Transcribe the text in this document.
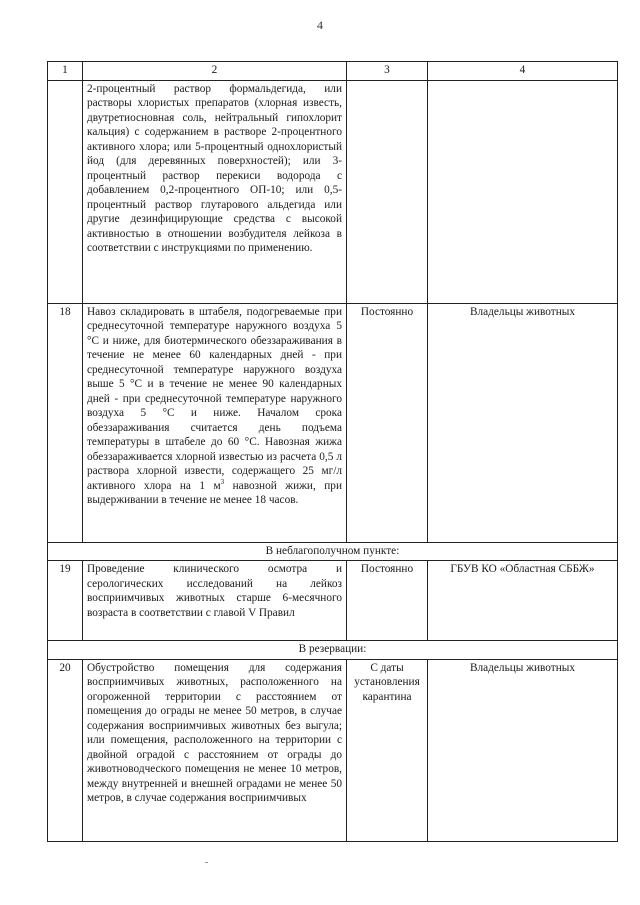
4
1	2	3	4
	2-процентный раствор формальдегида, или растворы хлористых препаратов (хлорная известь, двутретиосновная соль, нейтральный гипохлорит кальция) с содержанием в растворе 2-процентного активного хлора; или 5-процентный однохлористый йод (для деревянных поверхностей); или 3-процентный раствор перекиси водорода с добавлением 0,2-процентного ОП-10; или 0,5-процентный раствор глутарового альдегида или другие дезинфицирующие средства с высокой активностью в отношении возбудителя лейкоза в соответствии с инструкциями по применению.		
18	Навоз складировать в штабеля, подогреваемые при среднесуточной температуре наружного воздуха 5 °С и ниже, для биотермического обеззараживания в течение не менее 60 календарных дней - при среднесуточной температуре наружного воздуха выше 5 °С и в течение не менее 90 календарных дней - при среднесуточной температуре наружного воздуха 5 °С и ниже. Началом срока обеззараживания считается день подъема температуры в штабеле до 60 °С. Навозная жижа обеззараживается хлорной известью из расчета 0,5 л раствора хлорной извести, содержащего 25 мг/л активного хлора на 1 $м^3$ навозной жижи, при выдерживании в течение не менее 18 часов.	Постоянно	Владельцы животных
В неблагополучном пункте:			
19	Проведение клинического осмотра и серологических исследований на лейкоз восприимчивых животных старше 6-месячного возраста в соответствии с главой V Правил	Постоянно	ГБУВ КО «Областная СББЖ»
В резервации:			
20	Обустройство помещения для содержания восприимчивых животных, расположенного на огороженной территории с расстоянием от помещения до ограды не менее 50 метров, в случае содержания восприимчивых животных без выгула; или помещения, расположенного на территории с двойной оградой с расстоянием от ограды до животноводческого помещения не менее 10 метров, между внутренней и внешней оградами не менее 50 метров, в случае содержания восприимчивых	С даты установления карантина	Владельцы животных
